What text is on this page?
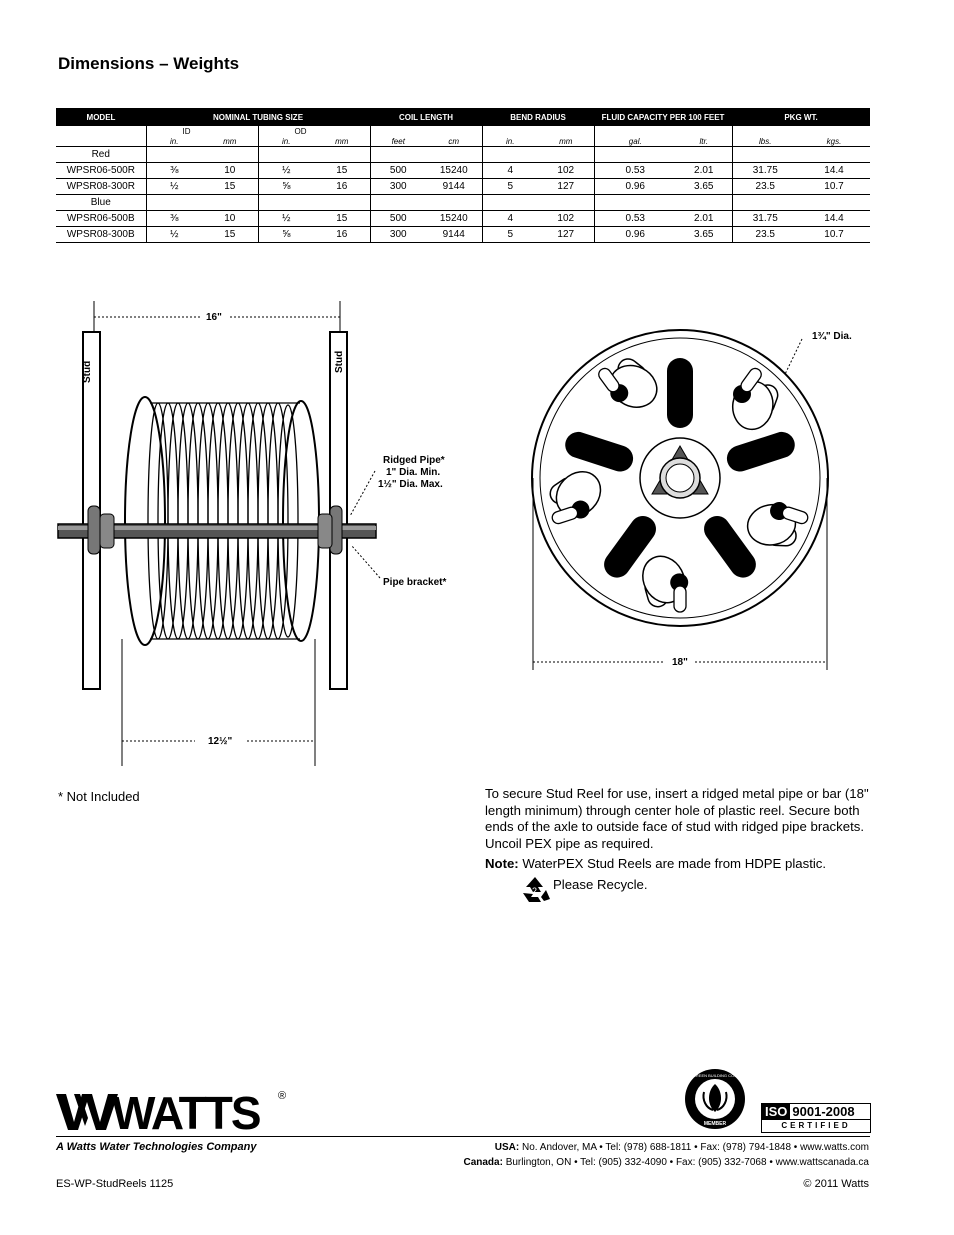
Dimensions – Weights
MODEL	NOMINAL TUBING SIZE				COIL LENGTH		BEND RADIUS		FLUID CAPACITY PER 100 FEET		PKG WT.	
	ID		OD									
	in.	mm	in.	mm	feet	cm	in.	mm	gal.	ltr.	lbs.	kgs.
Red												
WPSR06-500R	⅜	10	½	15	500	15240	4	102	0.53	2.01	31.75	14.4
WPSR08-300R	½	15	⅝	16	300	9144	5	127	0.96	3.65	23.5	10.7
Blue												
WPSR06-500B	⅜	10	½	15	500	15240	4	102	0.53	2.01	31.75	14.4
WPSR08-300B	½	15	⅝	16	300	9144	5	127	0.96	3.65	23.5	10.7
16"
Stud	Stud
Ridged Pipe*
1" Dia. Min.
1½" Dia. Max.
Pipe bracket*
12½"
1¾" Dia.
18"
* Not Included	To secure Stud Reel for use, insert a ridged metal pipe or bar (18" length minimum) through center hole of plastic reel. Secure both ends of the axle to outside face of stud with ridged pipe brackets. Uncoil PEX pipe as required.
Note: WaterPEX Stud Reels are made from HDPE plastic.
2 Please Recycle.
WATTS ®
A Watts Water Technologies Company
U.S. GREEN BUILDING COUNCIL
MEMBER
ISO 9001-2008
CERTIFIED
USA: No. Andover, MA • Tel: (978) 688-1811 • Fax: (978) 794-1848 • www.watts.com
Canada: Burlington, ON • Tel: (905) 332-4090 • Fax: (905) 332-7068 • www.wattscanada.ca
ES-WP-StudReels 1125	© 2011 Watts
